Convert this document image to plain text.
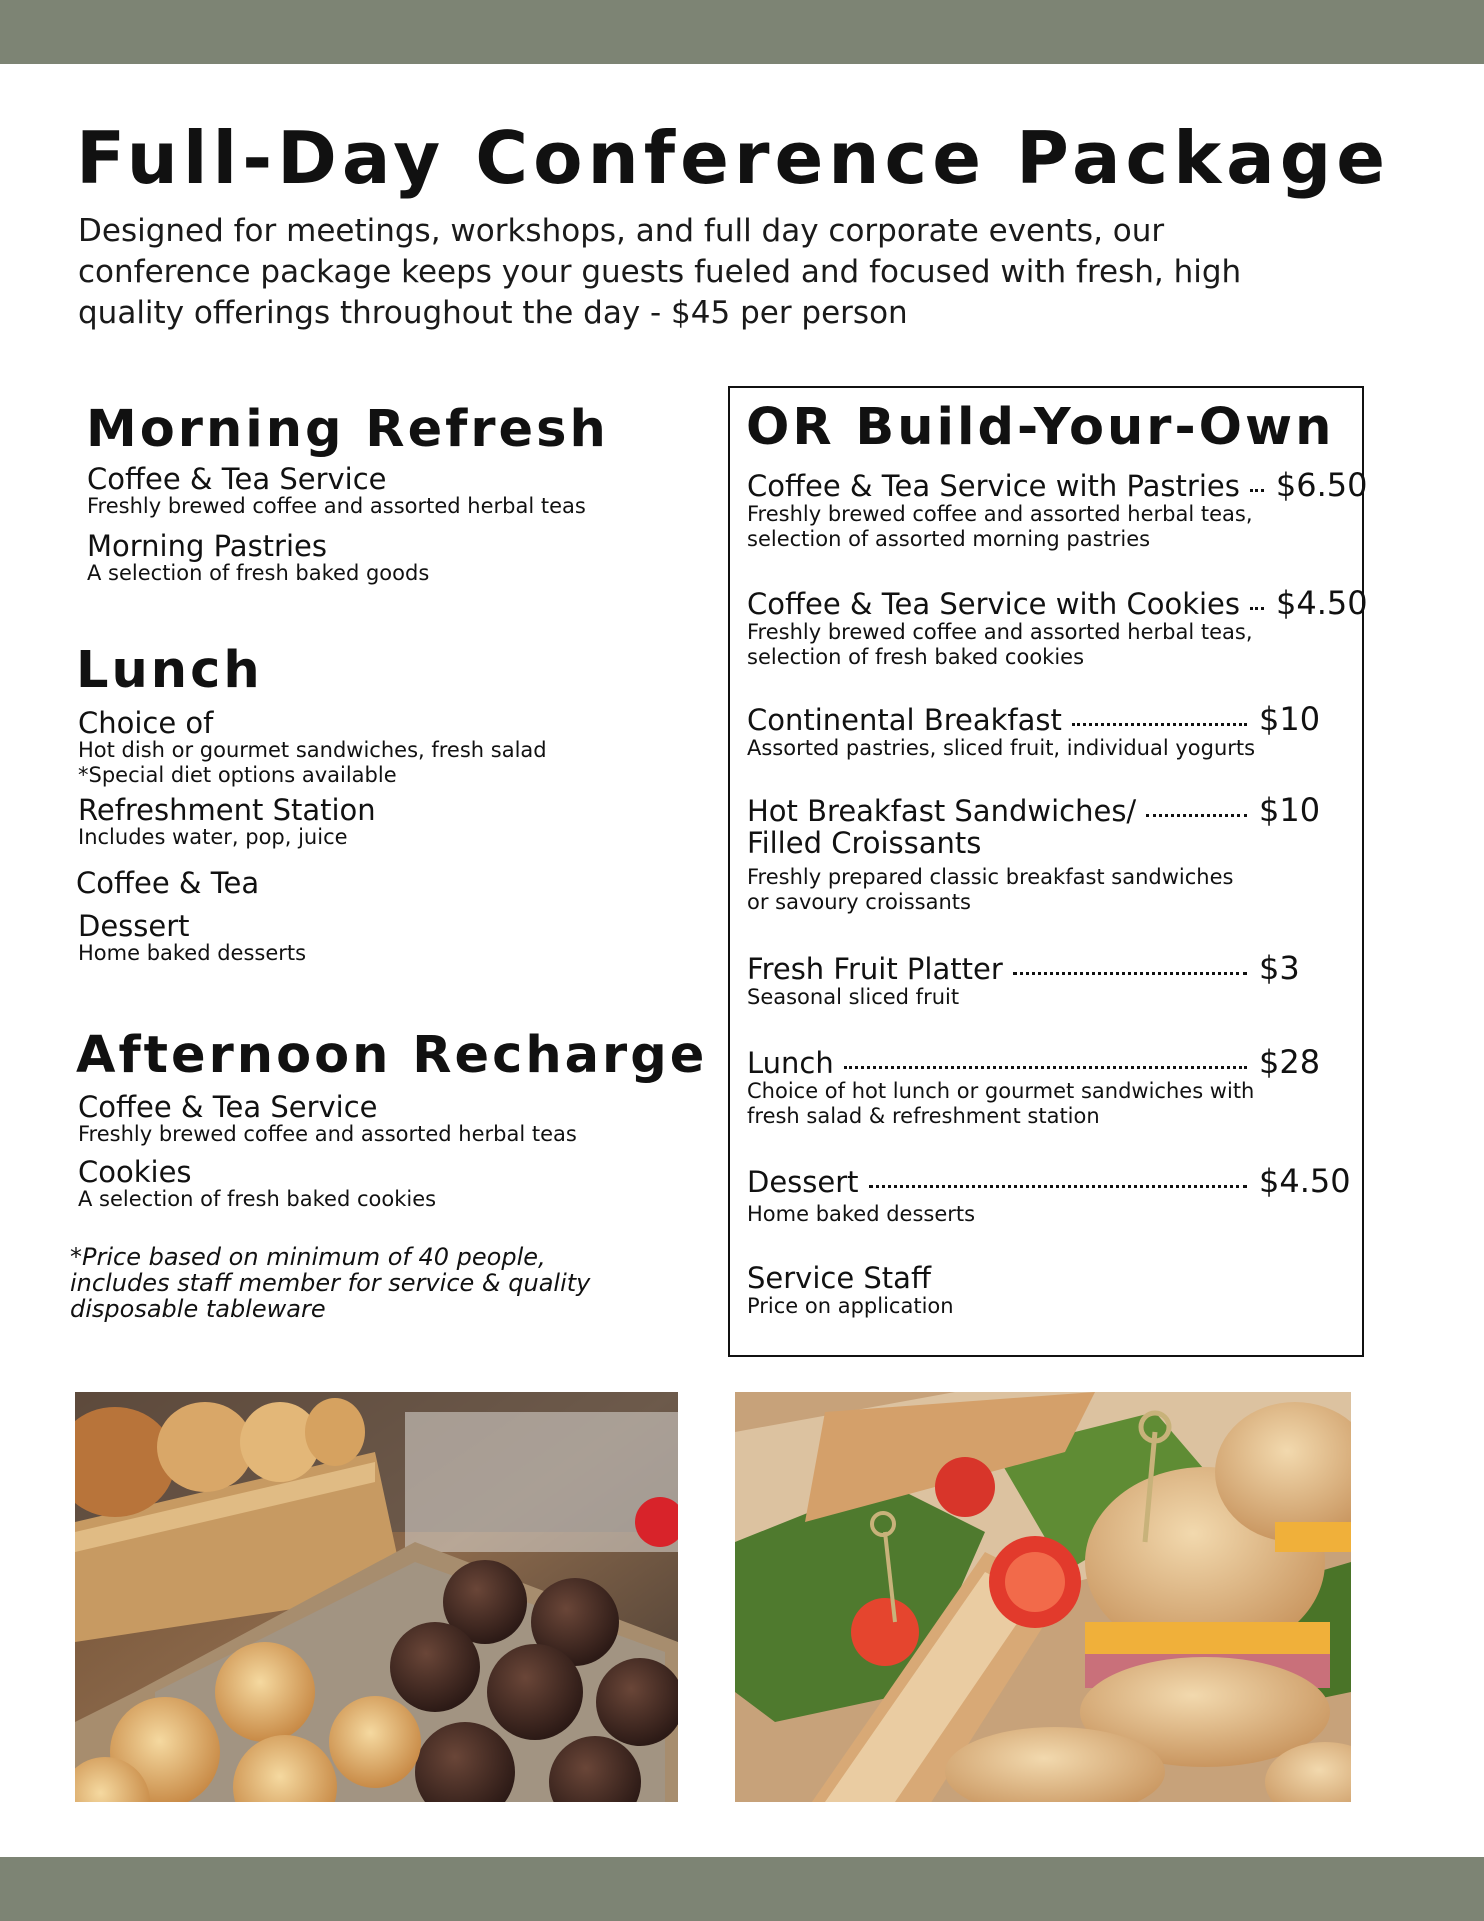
Full-Day Conference Package

Designed for meetings, workshops, and full day corporate events, our conference package keeps your guests fueled and focused with fresh, high quality offerings throughout the day - $45 per person

Morning Refresh
Coffee & Tea Service
Freshly brewed coffee and assorted herbal teas
Morning Pastries
A selection of fresh baked goods
Lunch
Choice of
Hot dish or gourmet sandwiches, fresh salad
*Special diet options available
Refreshment Station
Includes water, pop, juice
Coffee & Tea
Dessert
Home baked desserts
Afternoon Recharge
Coffee & Tea Service
Freshly brewed coffee and assorted herbal teas
Cookies
A selection of fresh baked cookies

*Price based on minimum of 40 people,
includes staff member for service & quality
disposable tableware

OR Build-Your-Own
Coffee & Tea Service with Pastries $6.50
Freshly brewed coffee and assorted herbal teas, selection of assorted morning pastries
Coffee & Tea Service with Cookies $4.50
Freshly brewed coffee and assorted herbal teas, selection of fresh baked cookies
Continental Breakfast	$10
Assorted pastries, sliced fruit, individual yogurts
Hot Breakfast Sandwiches/	$10
Filled Croissants
Freshly prepared classic breakfast sandwiches or savoury croissants
Fresh Fruit Platter	$3
Seasonal sliced fruit
Lunch	$28
Choice of hot lunch or gourmet sandwiches with fresh salad & refreshment station
Dessert	$4.50
Home baked desserts
Service Staff
Price on application
